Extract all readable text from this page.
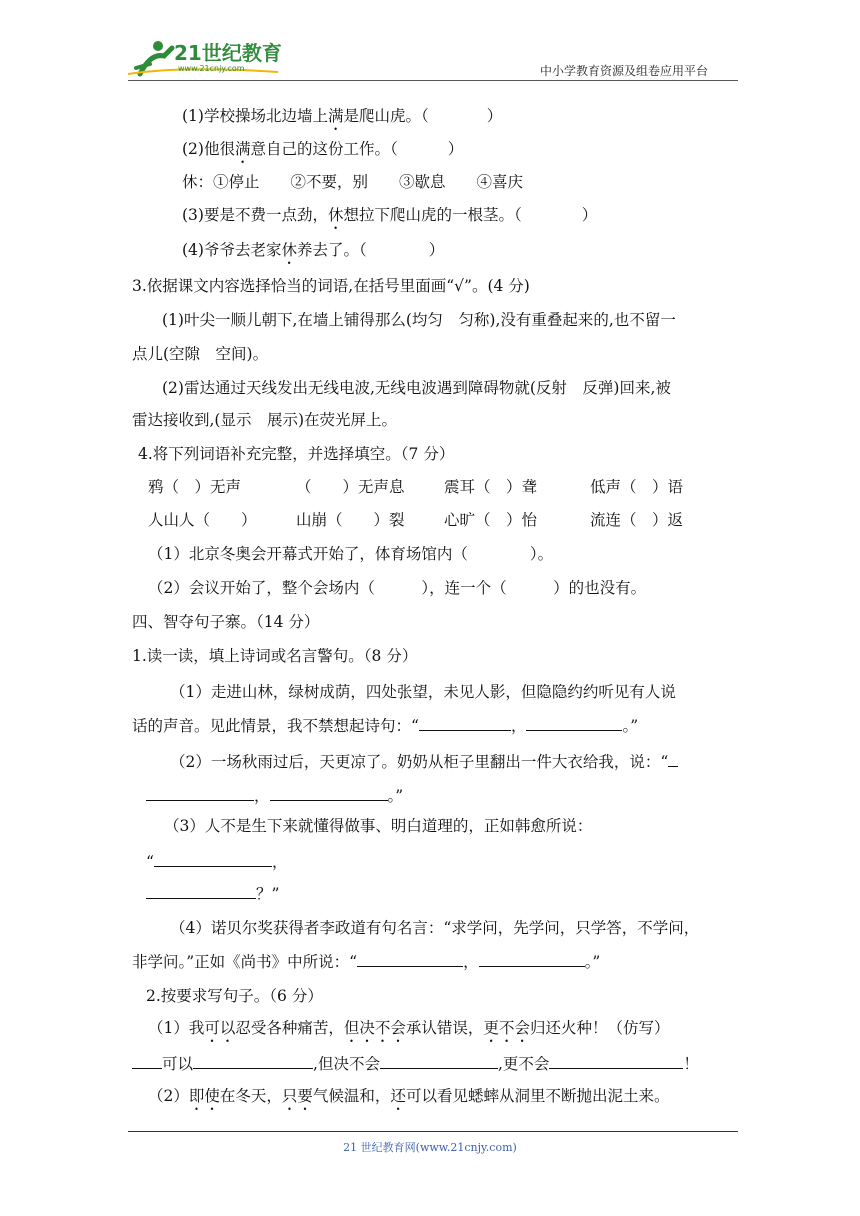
21世纪教育
www.21cnjy.com	中小学教育资源及组卷应用平台
(1)学校操场北边墙上满是爬山虎。（	）
(2)他很满意自己的这份工作。（	）
休：①停止　　②不要，别　　③歇息　　④喜庆
(3)要是不费一点劲，休想拉下爬山虎的一根茎。（	）
(4)爷爷去老家休养去了。（	）
3.依据课文内容选择恰当的词语,在括号里面画“√”。(4 分)
(1)叶尖一顺儿朝下,在墙上铺得那么(均匀　匀称),没有重叠起来的,也不留一
点儿(空隙　空间)。
(2)雷达通过天线发出无线电波,无线电波遇到障碍物就(反射　反弹)回来,被
雷达接收到,(显示　展示)在荧光屏上。
4.将下列词语补充完整，并选择填空。（7 分）
鸦（　）无声	（　　）无声息	震耳（　）聋	低声（　）语
人山人（　　）	山崩（　　）裂	心旷（　）怡	流连（　）返
（1）北京冬奥会开幕式开始了，体育场馆内（　　　　）。
（2）会议开始了，整个会场内（　　　），连一个（　　　）的也没有。
四、智夺句子寨。（14 分）
1.读一读，填上诗词或名言警句。（8 分）
（1）走进山林，绿树成荫，四处张望，未见人影，但隐隐约约听见有人说
话的声音。见此情景，我不禁想起诗句：“	，	。”
（2）一场秋雨过后，天更凉了。奶奶从柜子里翻出一件大衣给我，说：“
，	。”
（3）人不是生下来就懂得做事、明白道理的，正如韩愈所说：
“	，
？”
（4）诺贝尔奖获得者李政道有句名言：“求学问，先学问，只学答，不学问，
非学问。”正如《尚书》中所说：“	，	。”
2.按要求写句子。（6 分）
（1）我可以忍受各种痛苦，但决不会承认错误，更不会归还火种！（仿写）
可以	,但决不会	,更不会	！
（2）即使在冬天，只要气候温和，还可以看见蟋蟀从洞里不断抛出泥土来。
21 世纪教育网(www.21cnjy.com)
